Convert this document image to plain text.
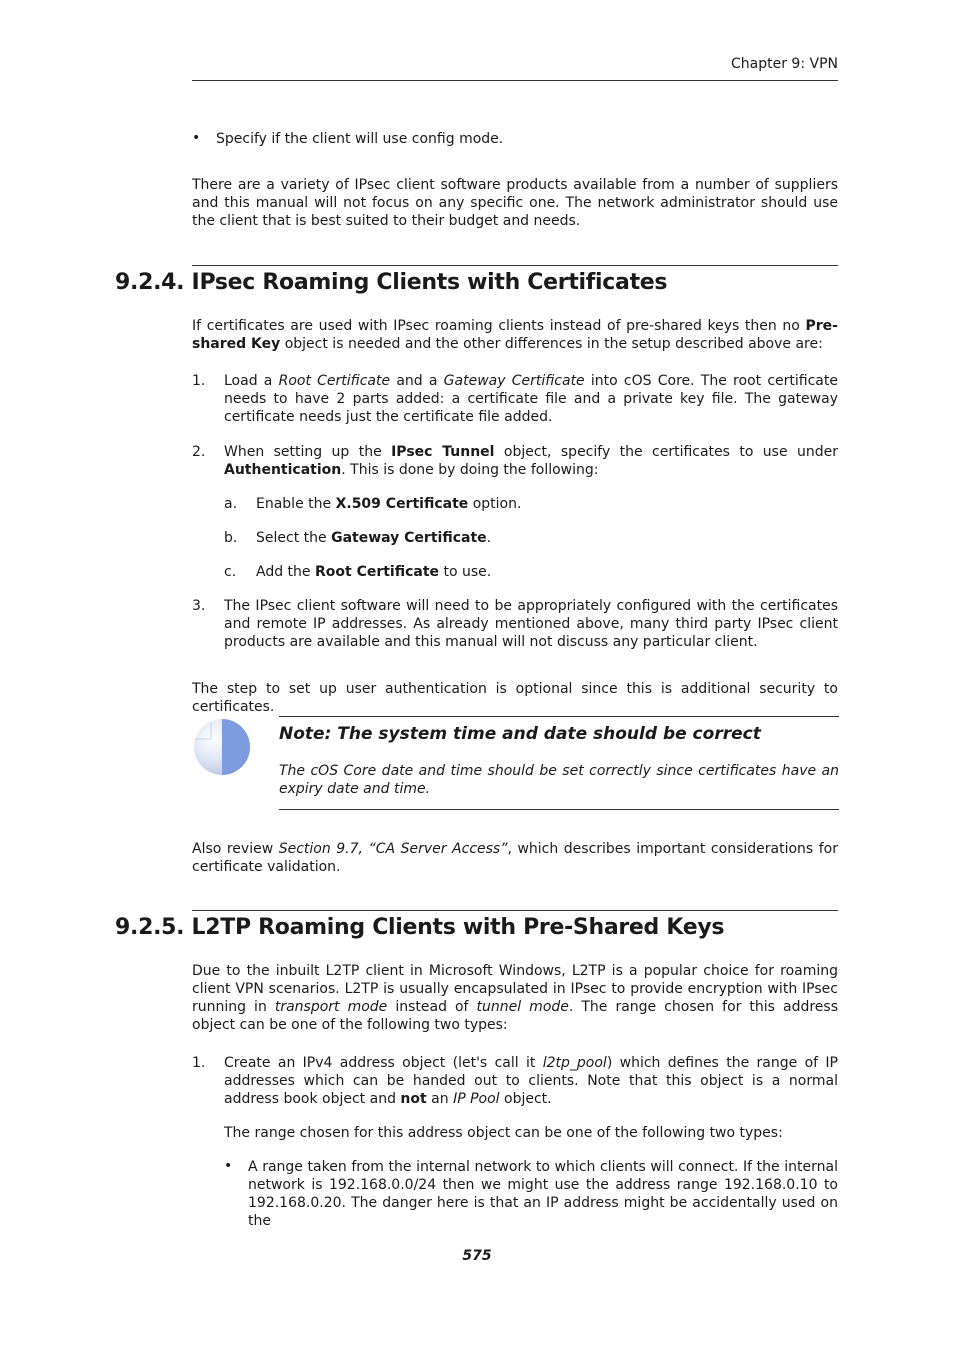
Chapter 9: VPN
• Specify if the client will use config mode.
There are a variety of IPsec client software products available from a number of suppliers and this manual will not focus on any specific one. The network administrator should use the client that is best suited to their budget and needs.
9.2.4. IPsec Roaming Clients with Certificates
If certificates are used with IPsec roaming clients instead of pre-shared keys then no Pre-shared Key object is needed and the other differences in the setup described above are:
1. Load a Root Certificate and a Gateway Certificate into cOS Core. The root certificate needs to have 2 parts added: a certificate file and a private key file. The gateway certificate needs just the certificate file added.
2. When setting up the IPsec Tunnel object, specify the certificates to use under Authentication. This is done by doing the following:
a. Enable the X.509 Certificate option.
b. Select the Gateway Certificate.
c. Add the Root Certificate to use.
3. The IPsec client software will need to be appropriately configured with the certificates and remote IP addresses. As already mentioned above, many third party IPsec client products are available and this manual will not discuss any particular client.
The step to set up user authentication is optional since this is additional security to certificates.
Note: The system time and date should be correct
The cOS Core date and time should be set correctly since certificates have an expiry date and time.
Also review Section 9.7, “CA Server Access”, which describes important considerations for certificate validation.
9.2.5. L2TP Roaming Clients with Pre-Shared Keys
Due to the inbuilt L2TP client in Microsoft Windows, L2TP is a popular choice for roaming client VPN scenarios. L2TP is usually encapsulated in IPsec to provide encryption with IPsec running in transport mode instead of tunnel mode. The range chosen for this address object can be one of the following two types:
1. Create an IPv4 address object (let's call it l2tp_pool) which defines the range of IP addresses which can be handed out to clients. Note that this object is a normal address book object and not an IP Pool object.
The range chosen for this address object can be one of the following two types:
• A range taken from the internal network to which clients will connect. If the internal network is 192.168.0.0/24 then we might use the address range 192.168.0.10 to 192.168.0.20. The danger here is that an IP address might be accidentally used on the
575
